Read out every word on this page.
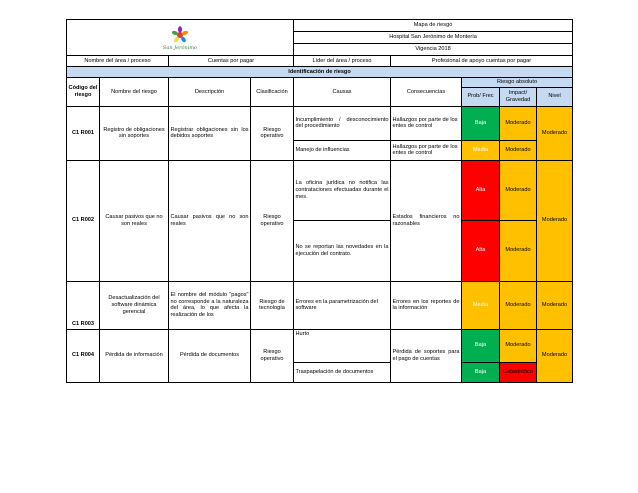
San Jerónimo				Mapa de riesgo				
				Hospital San Jerónimo de Montería				
				Vigencia 2018				
Nombre del área / proceso		Cuentas por pagar		Líder del área / proceso	Profesional de apoyo cuentas por pagar			
Identificación de riesgo								
Código del riesgo	Nombre del riesgo	Descripción	Clasificación	Causas	Consecuencias	Riesgo absoluto		
						Prob/ Frec	Impact/ Gravedad	Nivel
C1 R001	Registro de obligaciones sin soportes	Registrar obligaciones sin los debidos soportes	Riesgo operativo	Incumplimiento / desconocimiento del procedimiento	Hallazgos por parte de los entes de control	Baja	Moderado	Moderado
				Manejo de influencias	Hallazgos por parte de los entes de control	Media	Moderado	
C1 R002	Causar pasivos que no son reales	Causar pasivos que no son reales	Riesgo operativo	La oficina jurídica no notifica las contrataciones efectuadas durante el mes.	Estados financieros no razonables	Alta	Moderado	Moderado
				No se reportan las novedades en la ejecución del contrato.		Alta	Moderado	
C1 R003	Desactualización del software dinámica gerencial	El nombre del módulo "pagos" no corresponde a la naturaleza del área, lo que afecta la realización de los	Riesgo de tecnología	Errores en la parametrización del software	Errores en los reportes de la información	Media	Moderado	Moderado
C1 R004	Pérdida de información	Pérdida de documentos	Riesgo operativo	Hurto	Pérdida de soportes para el pago de cuentas	Baja	Moderado	Moderado
				Traspapelación de documentos		Baja	Catastrófico	
